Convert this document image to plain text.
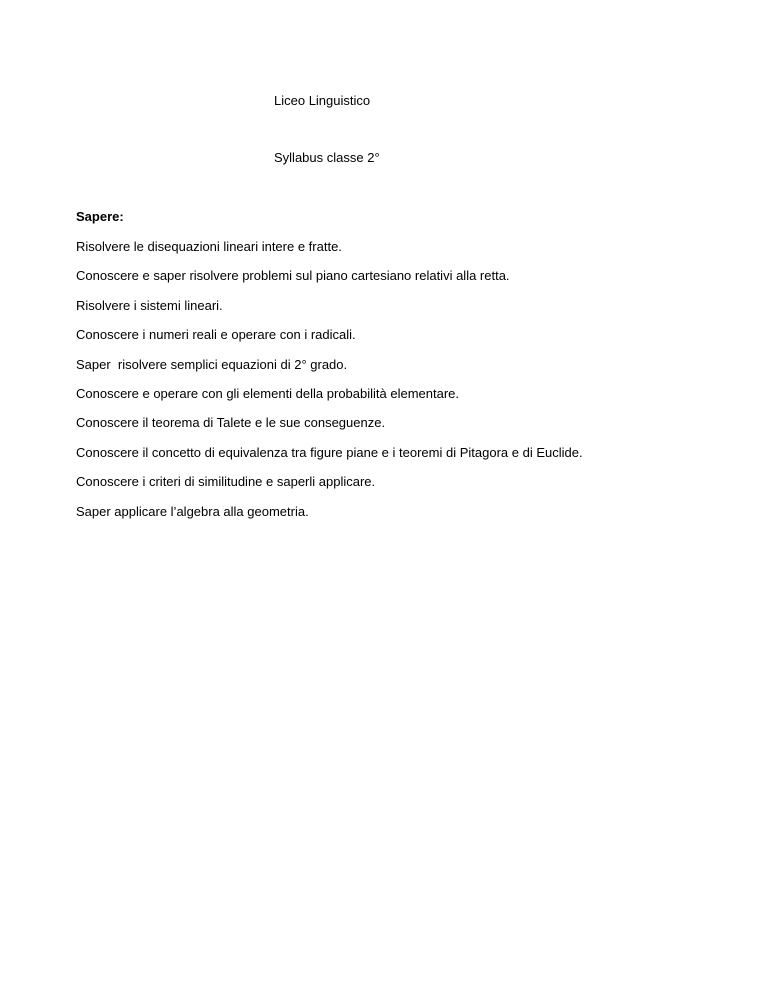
Liceo Linguistico
Syllabus classe 2°
Sapere:
Risolvere le disequazioni lineari intere e fratte.
Conoscere e saper risolvere problemi sul piano cartesiano relativi alla retta.
Risolvere i sistemi lineari.
Conoscere i numeri reali e operare con i radicali.
Saper  risolvere semplici equazioni di 2° grado.
Conoscere e operare con gli elementi della probabilità elementare.
Conoscere il teorema di Talete e le sue conseguenze.
Conoscere il concetto di equivalenza tra figure piane e i teoremi di Pitagora e di Euclide.
Conoscere i criteri di similitudine e saperli applicare.
Saper applicare l’algebra alla geometria.
